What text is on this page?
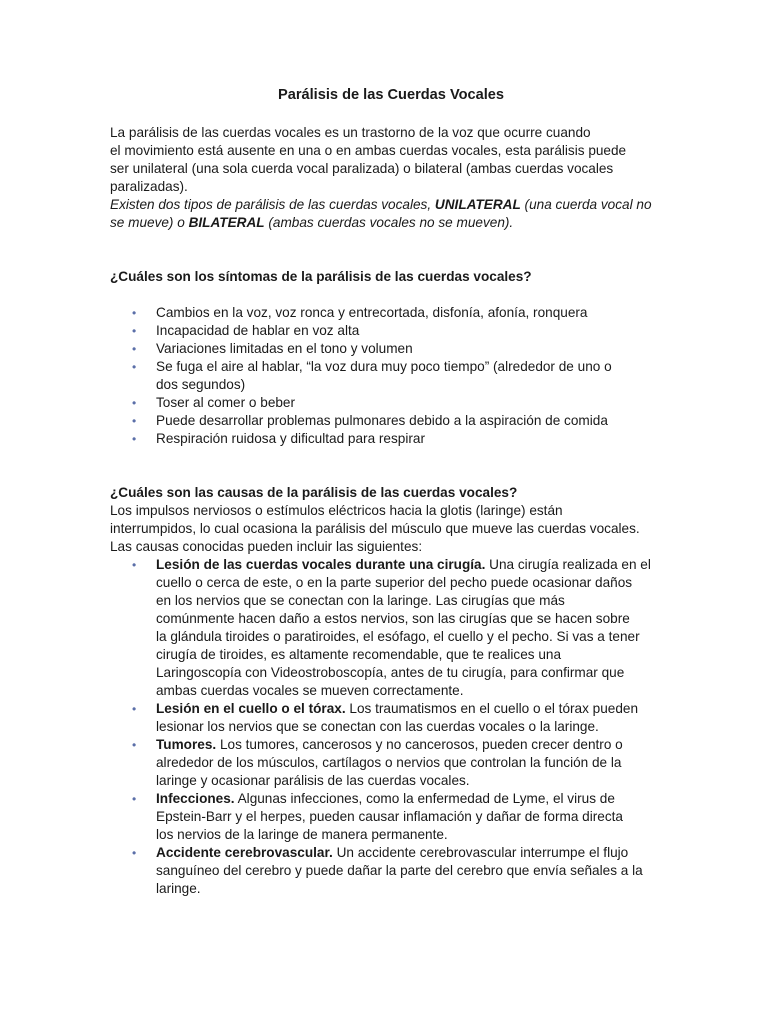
Parálisis de las Cuerdas Vocales

La parálisis de las cuerdas vocales es un trastorno de la voz que ocurre cuando
el movimiento está ausente en una o en ambas cuerdas vocales, esta parálisis puede
ser unilateral (una sola cuerda vocal paralizada) o bilateral (ambas cuerdas vocales
paralizadas).

Existen dos tipos de parálisis de las cuerdas vocales, UNILATERAL (una cuerda vocal no
se mueve) o BILATERAL (ambas cuerdas vocales no se mueven).

¿Cuáles son los síntomas de la parálisis de las cuerdas vocales?

• Cambios en la voz, voz ronca y entrecortada, disfonía, afonía, ronquera
• Incapacidad de hablar en voz alta
• Variaciones limitadas en el tono y volumen
• Se fuga el aire al hablar, “la voz dura muy poco tiempo” (alrededor de uno o
dos segundos)
• Toser al comer o beber
• Puede desarrollar problemas pulmonares debido a la aspiración de comida
• Respiración ruidosa y dificultad para respirar

¿Cuáles son las causas de la parálisis de las cuerdas vocales?

Los impulsos nerviosos o estímulos eléctricos hacia la glotis (laringe) están
interrumpidos, lo cual ocasiona la parálisis del músculo que mueve las cuerdas vocales.
Las causas conocidas pueden incluir las siguientes:

• Lesión de las cuerdas vocales durante una cirugía. Una cirugía realizada en el
cuello o cerca de este, o en la parte superior del pecho puede ocasionar daños
en los nervios que se conectan con la laringe. Las cirugías que más
comúnmente hacen daño a estos nervios, son las cirugías que se hacen sobre
la glándula tiroides o paratiroides, el esófago, el cuello y el pecho. Si vas a tener
cirugía de tiroides, es altamente recomendable, que te realices una
Laringoscopía con Videostroboscopía, antes de tu cirugía, para confirmar que
ambas cuerdas vocales se mueven correctamente.
• Lesión en el cuello o el tórax. Los traumatismos en el cuello o el tórax pueden
lesionar los nervios que se conectan con las cuerdas vocales o la laringe.
• Tumores. Los tumores, cancerosos y no cancerosos, pueden crecer dentro o
alrededor de los músculos, cartílagos o nervios que controlan la función de la
laringe y ocasionar parálisis de las cuerdas vocales.
• Infecciones. Algunas infecciones, como la enfermedad de Lyme, el virus de
Epstein-Barr y el herpes, pueden causar inflamación y dañar de forma directa
los nervios de la laringe de manera permanente.
• Accidente cerebrovascular. Un accidente cerebrovascular interrumpe el flujo
sanguíneo del cerebro y puede dañar la parte del cerebro que envía señales a la
laringe.
